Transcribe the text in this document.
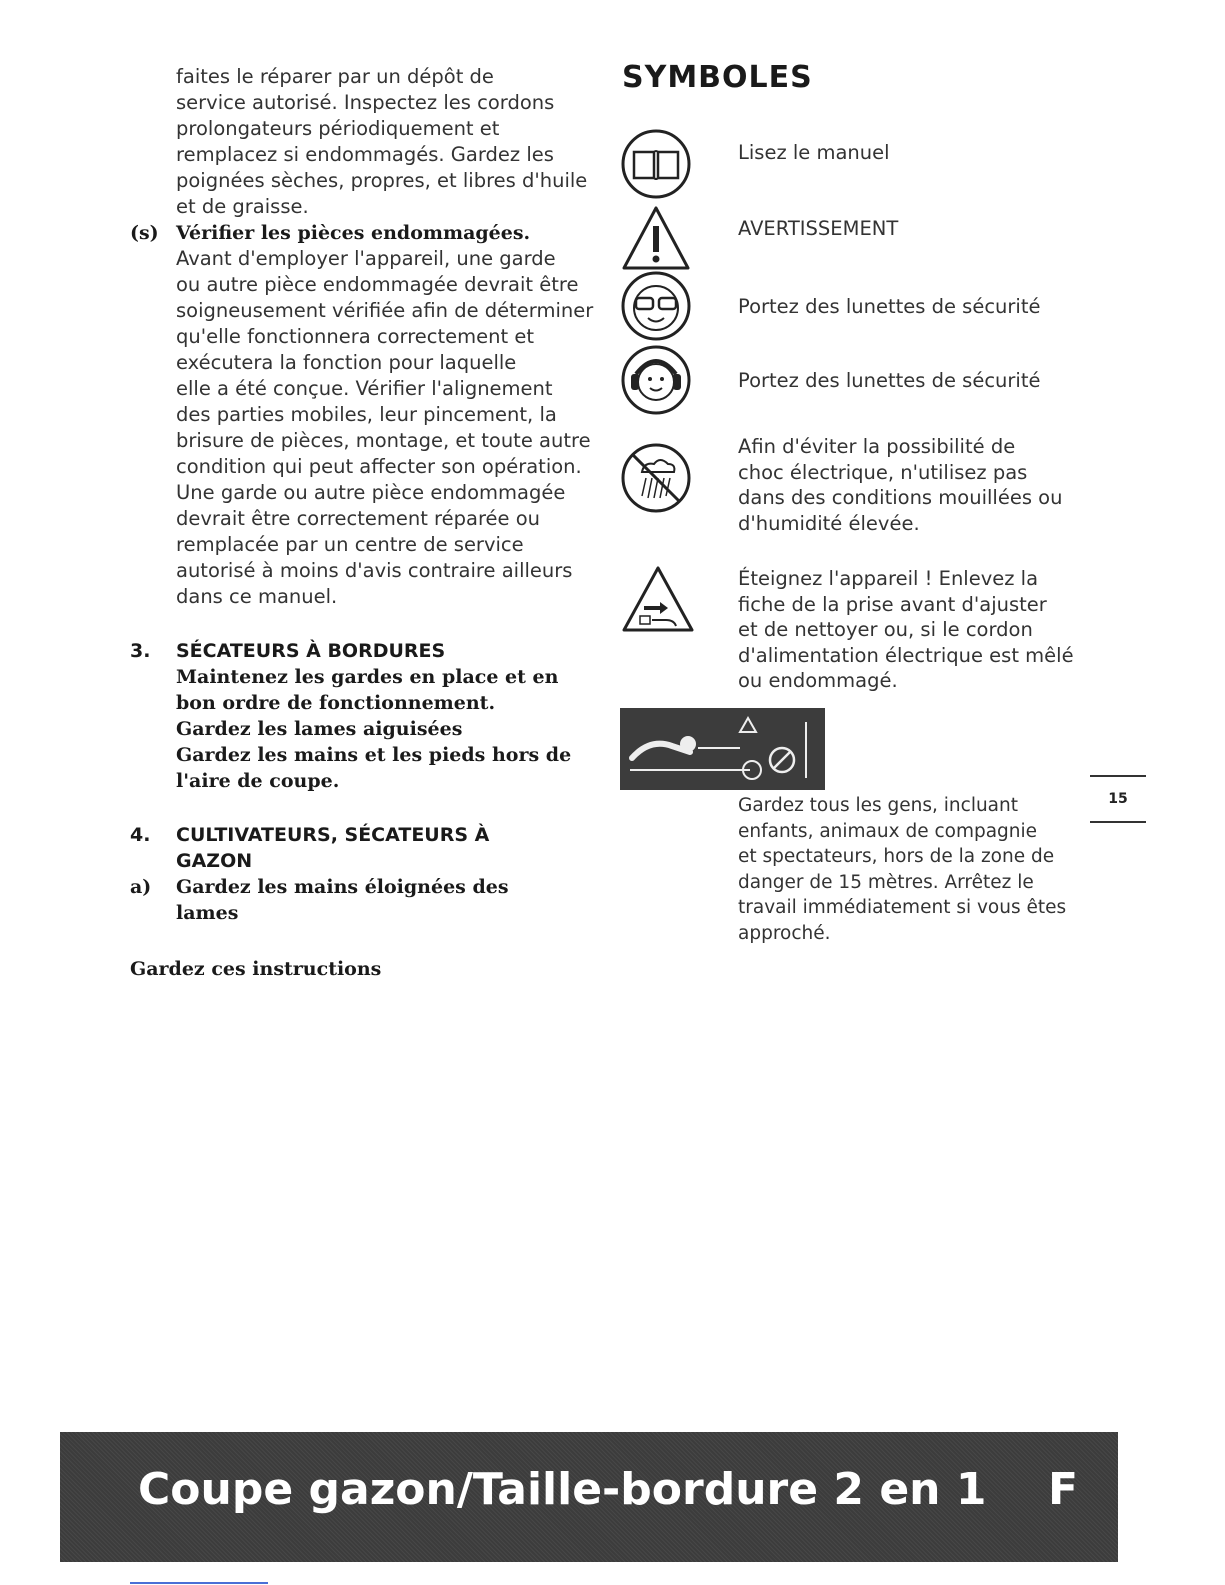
faites le réparer par un dépôt de
service autorisé. Inspectez les cordons
prolongateurs périodiquement et
remplacez si endommagés. Gardez les
poignées sèches, propres, et libres d'huile
et de graisse.
(s) Vérifier les pièces endommagées.
Avant d'employer l'appareil, une garde
ou autre pièce endommagée devrait être
soigneusement vérifiée afin de déterminer
qu'elle fonctionnera correctement et
exécutera la fonction pour laquelle
elle a été conçue. Vérifier l'alignement
des parties mobiles, leur pincement, la
brisure de pièces, montage, et toute autre
condition qui peut affecter son opération.
Une garde ou autre pièce endommagée
devrait être correctement réparée ou
remplacée par un centre de service
autorisé à moins d'avis contraire ailleurs
dans ce manuel.
3.	SÉCATEURS À BORDURES
Maintenez les gardes en place et en
bon ordre de fonctionnement.
Gardez les lames aiguisées
Gardez les mains et les pieds hors de
l'aire de coupe.
4.	CULTIVATEURS, SÉCATEURS À
GAZON
a)	Gardez les mains éloignées des
lames
Gardez ces instructions
SYMBOLES
Lisez le manuel
AVERTISSEMENT
Portez des lunettes de sécurité
Portez des lunettes de sécurité
Afin d'éviter la possibilité de
choc électrique, n'utilisez pas
dans des conditions mouillées ou
d'humidité élevée.
Éteignez l'appareil ! Enlevez la
fiche de la prise avant d'ajuster
et de nettoyer ou, si le cordon
d'alimentation électrique est mêlé
ou endommagé.
Gardez tous les gens, incluant
enfants, animaux de compagnie
et spectateurs, hors de la zone de
danger de 15 mètres. Arrêtez le
travail immédiatement si vous êtes
approché.
15
Coupe gazon/Taille-bordure 2 en 1 F
